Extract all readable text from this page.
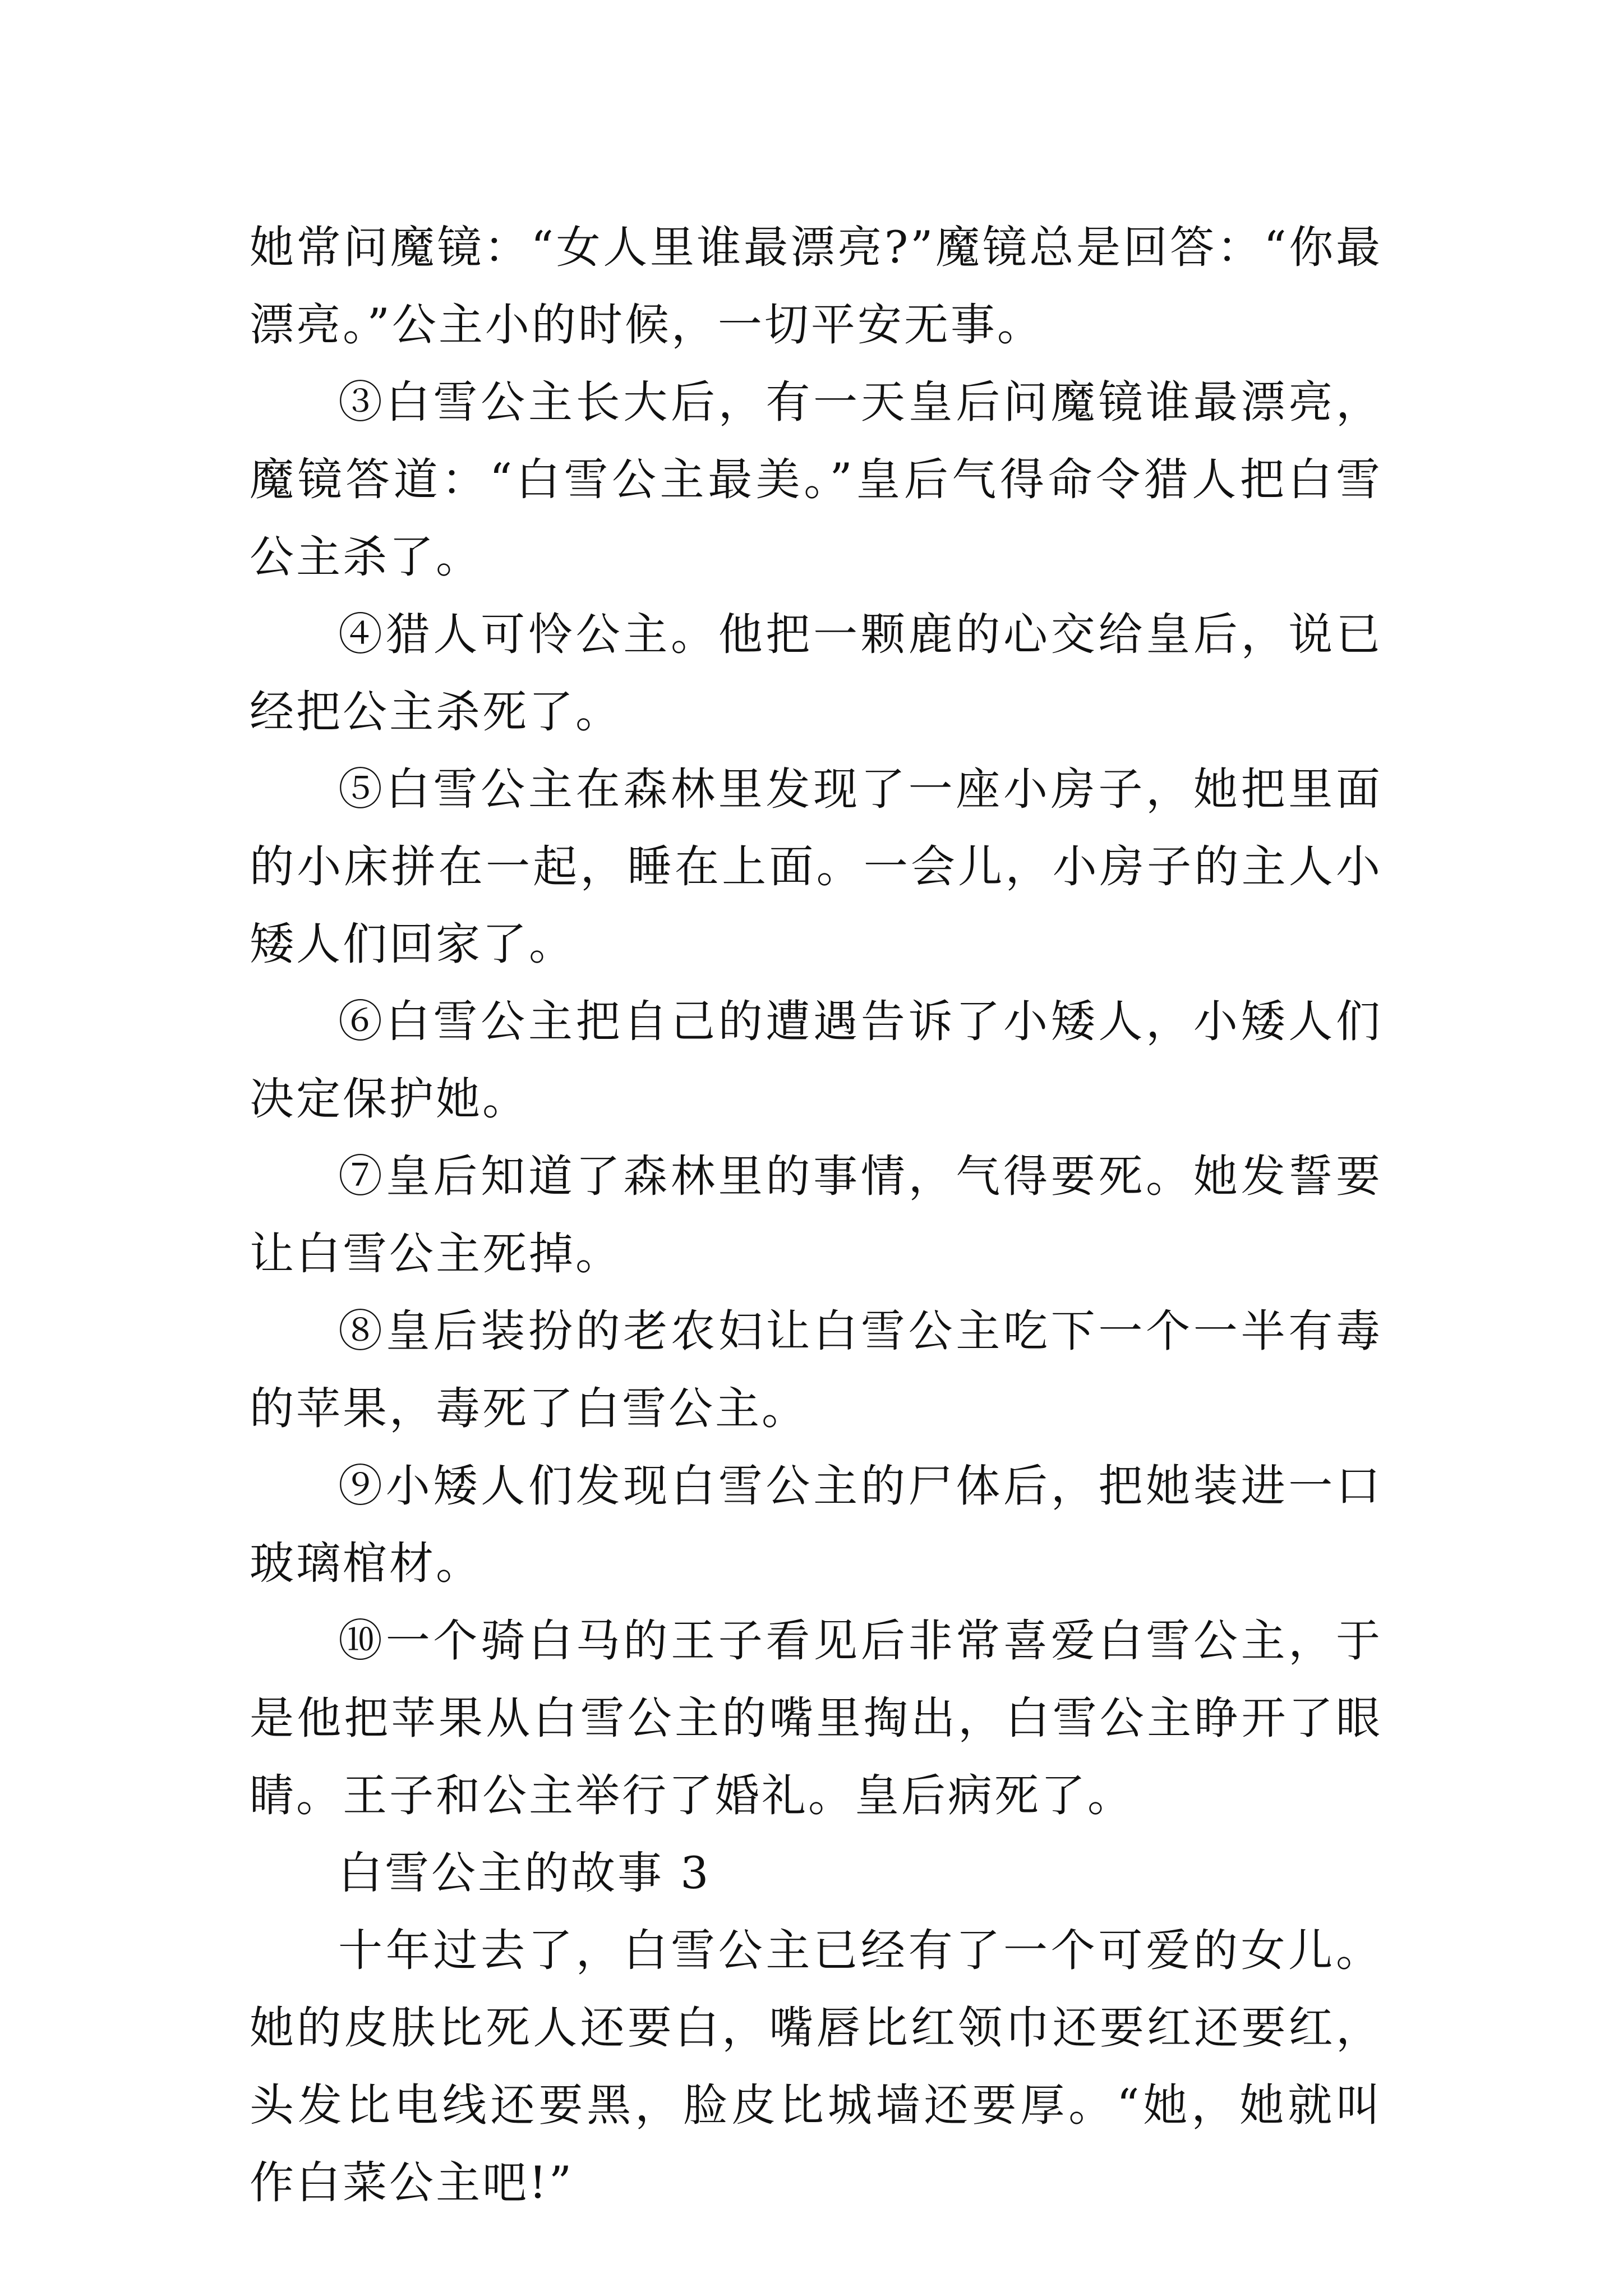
她常问魔镜：“女人里谁最漂亮?”魔镜总是回答：“你最漂亮。”公主小的时候，一切平安无事。

③白雪公主长大后，有一天皇后问魔镜谁最漂亮，魔镜答道：“白雪公主最美。”皇后气得命令猎人把白雪公主杀了。

④猎人可怜公主。他把一颗鹿的心交给皇后，说已经把公主杀死了。

⑤白雪公主在森林里发现了一座小房子，她把里面的小床拼在一起，睡在上面。一会儿，小房子的主人小矮人们回家了。

⑥白雪公主把自己的遭遇告诉了小矮人，小矮人们决定保护她。

⑦皇后知道了森林里的事情，气得要死。她发誓要让白雪公主死掉。

⑧皇后装扮的老农妇让白雪公主吃下一个一半有毒的苹果，毒死了白雪公主。

⑨小矮人们发现白雪公主的尸体后，把她装进一口玻璃棺材。

⑩一个骑白马的王子看见后非常喜爱白雪公主，于是他把苹果从白雪公主的嘴里掏出，白雪公主睁开了眼睛。王子和公主举行了婚礼。皇后病死了。

白雪公主的故事 3

十年过去了，白雪公主已经有了一个可爱的女儿。她的皮肤比死人还要白，嘴唇比红领巾还要红还要红，头发比电线还要黑，脸皮比城墙还要厚。“她，她就叫作白菜公主吧!”
